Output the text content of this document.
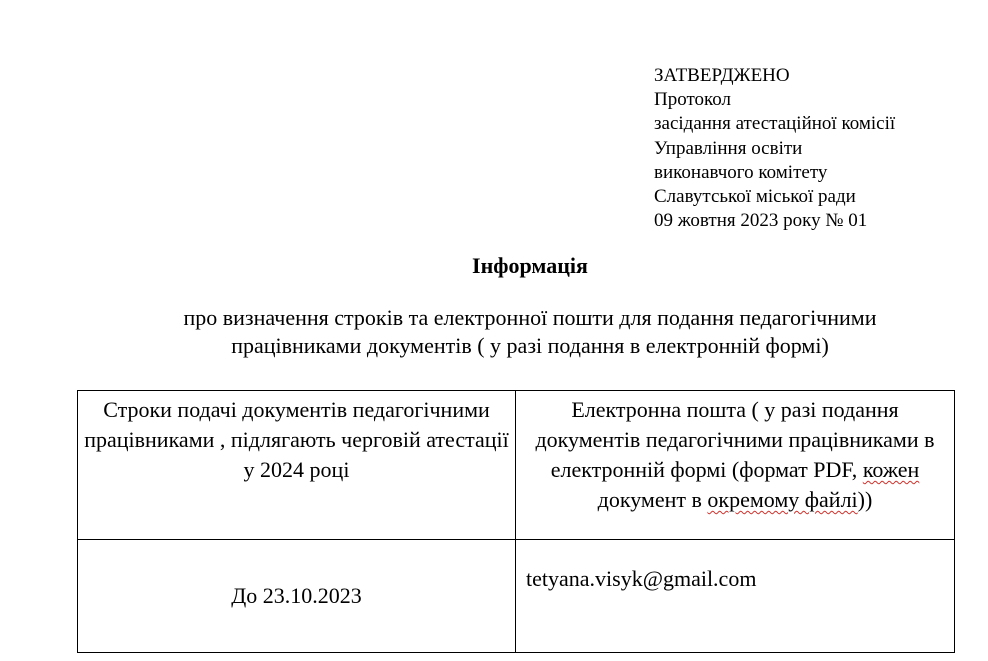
ЗАТВЕРДЖЕНО
Протокол
засідання атестаційної комісії
Управління освіти
виконавчого комітету
Славутської міської ради
09 жовтня 2023 року № 01
Інформація
про визначення строків та електронної пошти для подання педагогічними
працівниками документів ( у разі подання в електронній формі)
Строки подачі документів педагогічними працівниками , підлягають черговій атестації у 2024 році	Електронна пошта ( у разі подання документів педагогічними працівниками в електронній формі (формат PDF, кожен документ в окремому файлі))
До 23.10.2023	tetyana.visyk@gmail.com
